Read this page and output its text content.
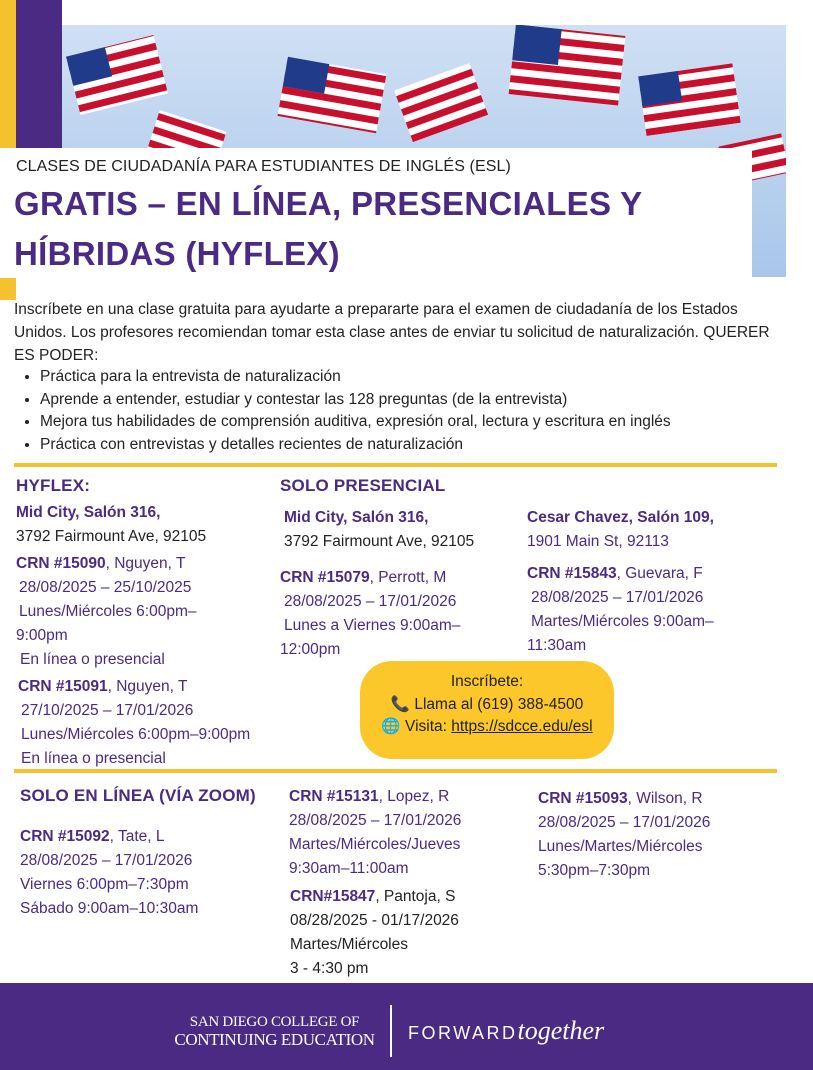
CLASES DE CIUDADANÍA PARA ESTUDIANTES DE INGLÉS (ESL)
GRATIS – EN LÍNEA, PRESENCIALES Y
HÍBRIDAS (HYFLEX)
Inscríbete en una clase gratuita para ayudarte a prepararte para el examen de ciudadanía de los Estados Unidos. Los profesores recomiendan tomar esta clase antes de enviar tu solicitud de naturalización. QUERER ES PODER:
• Práctica para la entrevista de naturalización
• Aprende a entender, estudiar y contestar las 128 preguntas (de la entrevista)
• Mejora tus habilidades de comprensión auditiva, expresión oral, lectura y escritura en inglés
• Práctica con entrevistas y detalles recientes de naturalización
HYFLEX:
Mid City, Salón 316,
3792 Fairmount Ave, 92105
CRN #15090, Nguyen, T
28/08/2025 – 25/10/2025
Lunes/Miércoles 6:00pm–
9:00pm
En línea o presencial
CRN #15091, Nguyen, T
27/10/2025 – 17/01/2026
Lunes/Miércoles 6:00pm–9:00pm
En línea o presencial
SOLO PRESENCIAL
Mid City, Salón 316,
3792 Fairmount Ave, 92105
CRN #15079, Perrott, M
28/08/2025 – 17/01/2026
Lunes a Viernes 9:00am–
12:00pm
Cesar Chavez, Salón 109,
1901 Main St, 92113
CRN #15843, Guevara, F
28/08/2025 – 17/01/2026
Martes/Miércoles 9:00am–
11:30am
Inscríbete:
📞 Llama al (619) 388-4500
🌐 Visita: https://sdcce.edu/esl
SOLO EN LÍNEA (VÍA ZOOM)
CRN #15092, Tate, L
28/08/2025 – 17/01/2026
Viernes 6:00pm–7:30pm
Sábado 9:00am–10:30am
CRN #15131, Lopez, R
28/08/2025 – 17/01/2026
Martes/Miércoles/Jueves
9:30am–11:00am
CRN#15847, Pantoja, S
08/28/2025 - 01/17/2026
Martes/Miércoles
3 - 4:30 pm
CRN #15093, Wilson, R
28/08/2025 – 17/01/2026
Lunes/Martes/Miércoles
5:30pm–7:30pm
SAN DIEGO COLLEGE OF
CONTINUING EDUCATION FORWARDtogether
